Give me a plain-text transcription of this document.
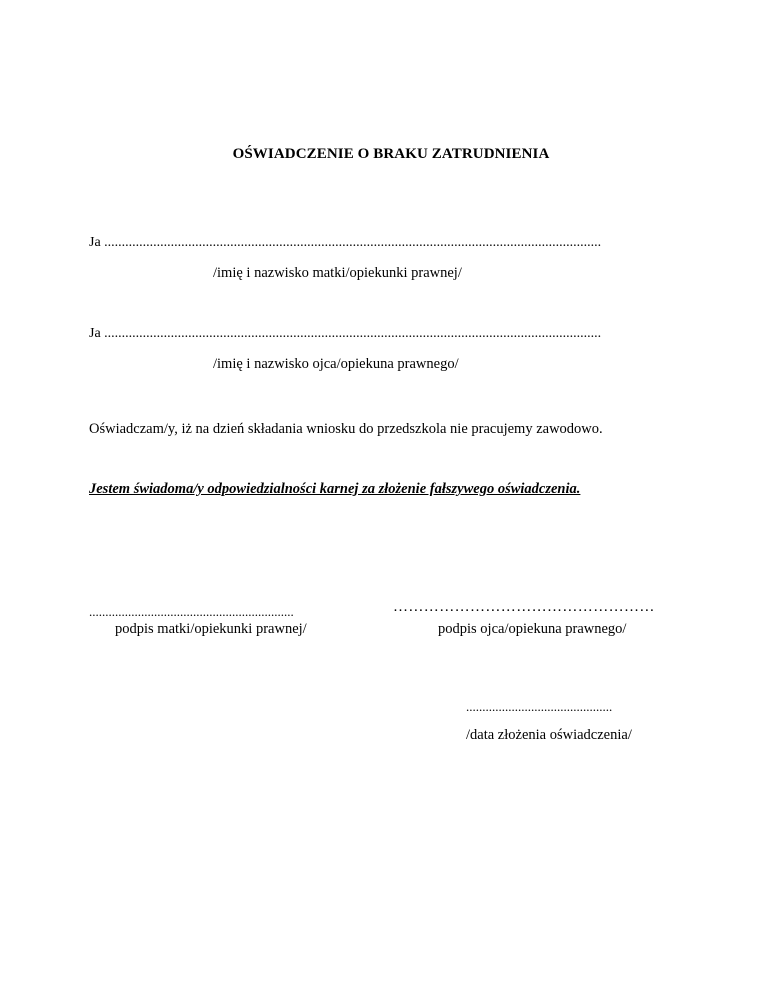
OŚWIADCZENIE O BRAKU ZATRUDNIENIA
Ja ..............................................................................................................................................
/imię i nazwisko matki/opiekunki prawnej/
Ja ..............................................................................................................................................
/imię i nazwisko ojca/opiekuna prawnego/
Oświadczam/y, iż na dzień składania wniosku do przedszkola nie pracujemy zawodowo.
Jestem świadoma/y odpowiedzialności karnej za złożenie fałszywego oświadczenia.
...............................................................	……………………………………………
podpis matki/opiekunki prawnej/	podpis ojca/opiekuna prawnego/
.............................................
/data złożenia oświadczenia/
